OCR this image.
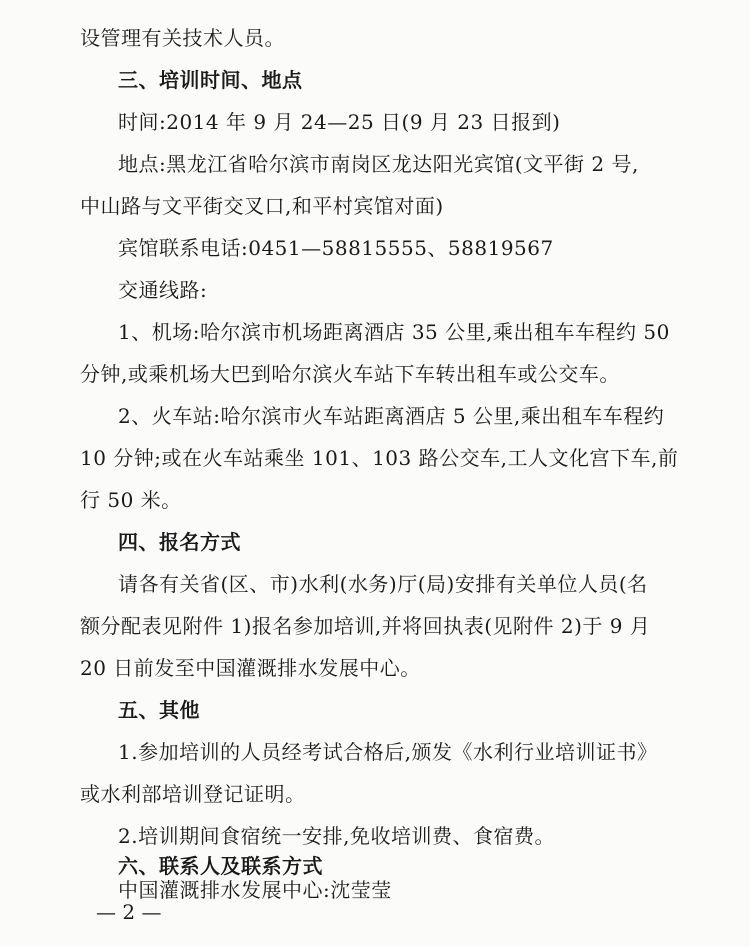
设管理有关技术人员。
三、培训时间、地点
时间:2014 年 9 月 24—25 日(9 月 23 日报到)
地点:黑龙江省哈尔滨市南岗区龙达阳光宾馆(文平街 2 号,
中山路与文平街交叉口,和平村宾馆对面)
宾馆联系电话:0451—58815555、58819567
交通线路:
1、机场:哈尔滨市机场距离酒店 35 公里,乘出租车车程约 50
分钟,或乘机场大巴到哈尔滨火车站下车转出租车或公交车。
2、火车站:哈尔滨市火车站距离酒店 5 公里,乘出租车车程约
10 分钟;或在火车站乘坐 101、103 路公交车,工人文化宫下车,前
行 50 米。
四、报名方式
请各有关省(区、市)水利(水务)厅(局)安排有关单位人员(名
额分配表见附件 1)报名参加培训,并将回执表(见附件 2)于 9 月
20 日前发至中国灌溉排水发展中心。
五、其他
1.参加培训的人员经考试合格后,颁发《水利行业培训证书》
或水利部培训登记证明。
2.培训期间食宿统一安排,免收培训费、食宿费。
六、联系人及联系方式
中国灌溉排水发展中心:沈莹莹
— 2 —
